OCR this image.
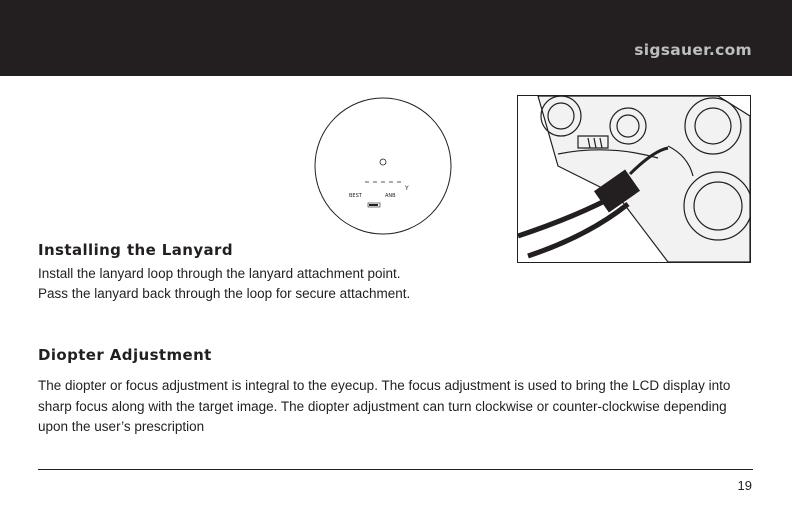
sigsauer.com
BEST	ANB
Y
Installing the Lanyard

Install the lanyard loop through the lanyard attachment point.

Pass the lanyard back through the loop for secure attachment.

Diopter Adjustment

The diopter or focus adjustment is integral to the eyecup. The focus adjustment is used to bring the LCD display into sharp focus along with the target image. The diopter adjustment can turn clockwise or counter-clockwise depending upon the user’s prescription

19
